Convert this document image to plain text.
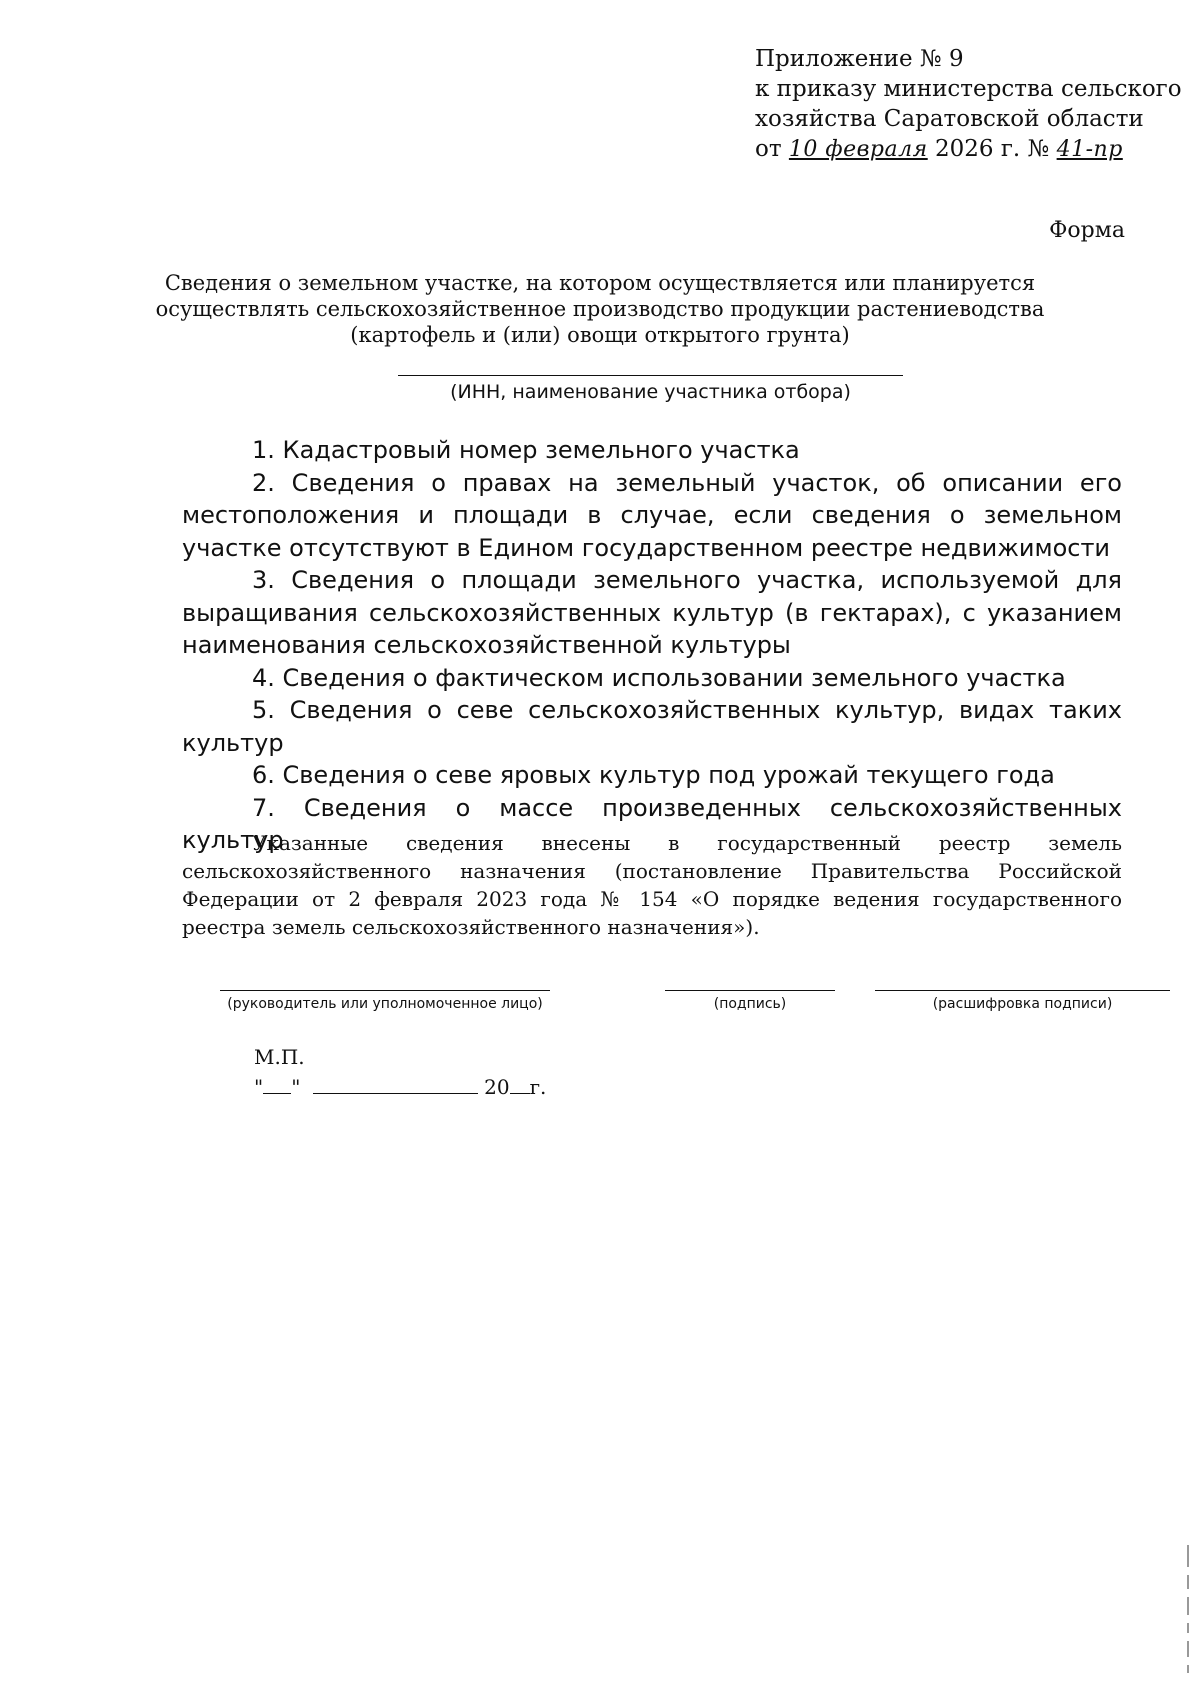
Приложение № 9
к приказу министерства сельского
хозяйства Саратовской области
от 10 февраля 2026 г. № 41-пр
Форма
Сведения о земельном участке, на котором осуществляется или планируется
осуществлять сельскохозяйственное производство продукции растениеводства
(картофель и (или) овощи открытого грунта)
(ИНН, наименование участника отбора)

1. Кадастровый номер земельного участка

2. Сведения о правах на земельный участок, об описании его местоположения и площади в случае, если сведения о земельном участке отсутствуют в Едином государственном реестре недвижимости

3. Сведения о площади земельного участка, используемой для выращивания сельскохозяйственных культур (в гектарах), с указанием наименования сельскохозяйственной культуры

4. Сведения о фактическом использовании земельного участка

5. Сведения о севе сельскохозяйственных культур, видах таких культур

6. Сведения о севе яровых культур под урожай текущего года

7. Сведения о массе произведенных сельскохозяйственных культур

Указанные сведения внесены в государственный реестр земель сельскохозяйственного назначения (постановление Правительства Российской Федерации от 2 февраля 2023 года № 154 «О порядке ведения государственного реестра земель сельскохозяйственного назначения»).

(руководитель или уполномоченное лицо)	(подпись)	(расшифровка подписи)
М.П.
" "	20 г.
